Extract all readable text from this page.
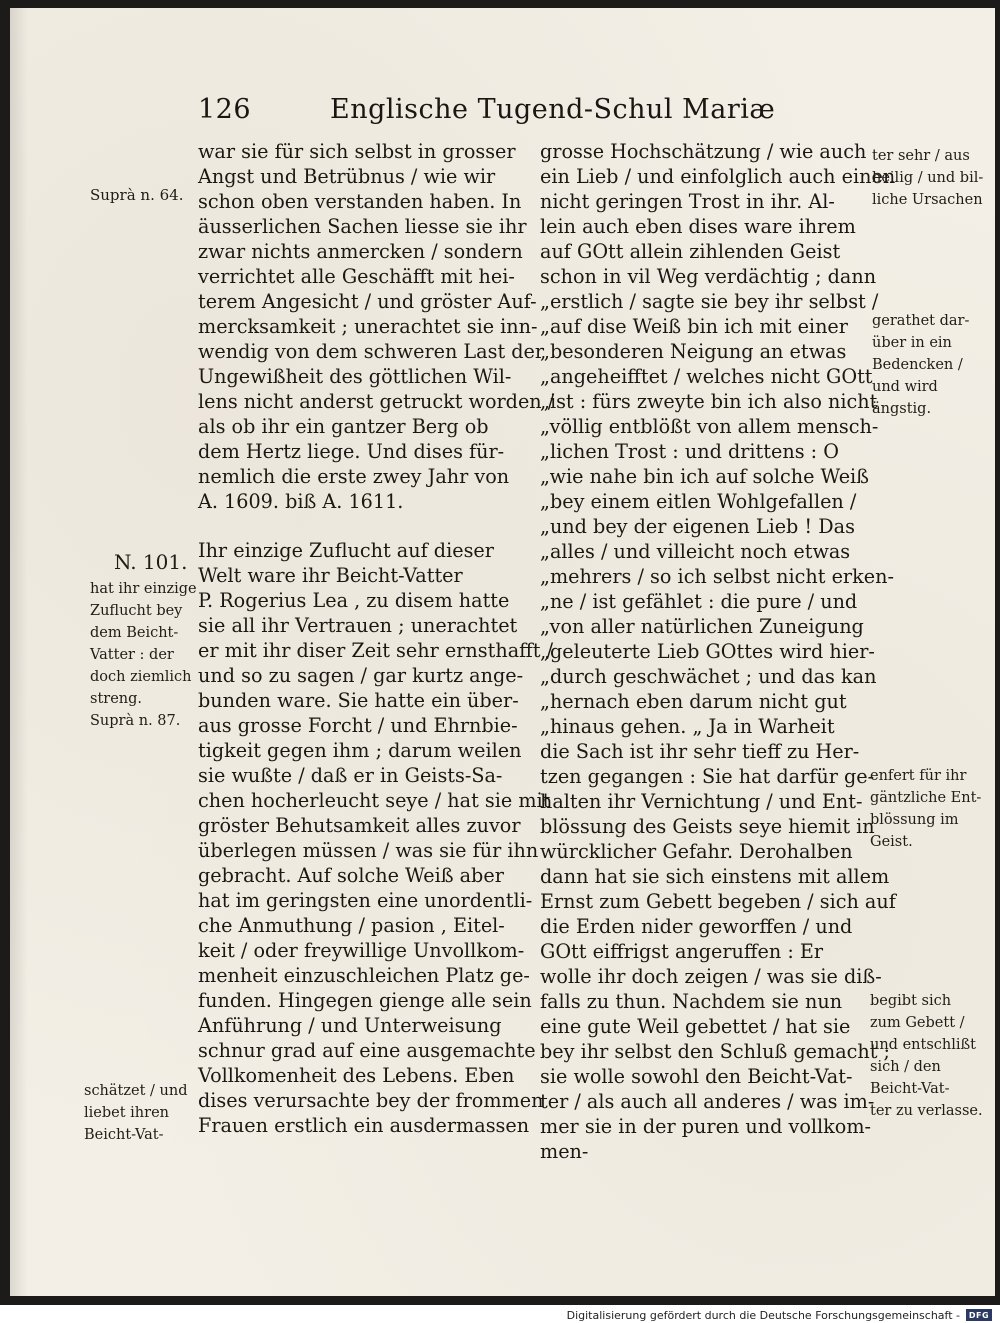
126	Englische Tugend-Schul Mariæ
war sie für sich selbst in grosser
Angst und Betrübnus / wie wir
schon oben verstanden haben. In
äusserlichen Sachen liesse sie ihr
zwar nichts anmercken / sondern
verrichtet alle Geschäfft mit hei-
terem Angesicht / und gröster Auf-
mercksamkeit ; unerachtet sie inn-
wendig von dem schweren Last der
Ungewißheit des göttlichen Wil-
lens nicht anderst getruckt worden /
als ob ihr ein gantzer Berg ob
dem Hertz liege. Und dises für-
nemlich die erste zwey Jahr von
A. 1609. biß A. 1611.
Ihr einzige Zuflucht auf dieser
Welt ware ihr Beicht-Vatter
P. Rogerius Lea , zu disem hatte
sie all ihr Vertrauen ; unerachtet
er mit ihr diser Zeit sehr ernsthafft /
und so zu sagen / gar kurtz ange-
bunden ware. Sie hatte ein über-
aus grosse Forcht / und Ehrnbie-
tigkeit gegen ihm ; darum weilen
sie wußte / daß er in Geists-Sa-
chen hocherleucht seye / hat sie mit
gröster Behutsamkeit alles zuvor
überlegen müssen / was sie für ihn
gebracht. Auf solche Weiß aber
hat im geringsten eine unordentli-
che Anmuthung / pasion , Eitel-
keit / oder freywillige Unvollkom-
menheit einzuschleichen Platz ge-
funden. Hingegen gienge alle sein
Anführung / und Unterweisung
schnur grad auf eine ausgemachte
Vollkomenheit des Lebens. Eben
dises verursachte bey der frommen
Frauen erstlich ein ausdermassen
grosse Hochschätzung / wie auch
ein Lieb / und einfolglich auch einen
nicht geringen Trost in ihr. Al-
lein auch eben dises ware ihrem
auf GOtt allein zihlenden Geist
schon in vil Weg verdächtig ; dann
„erstlich / sagte sie bey ihr selbst /
„auf dise Weiß bin ich mit einer
„besonderen Neigung an etwas
„angeheifftet / welches nicht GOtt
„ist : fürs zweyte bin ich also nicht
„völlig entblößt von allem mensch-
„lichen Trost : und drittens : O
„wie nahe bin ich auf solche Weiß
„bey einem eitlen Wohlgefallen /
„und bey der eigenen Lieb ! Das
„alles / und villeicht noch etwas
„mehrers / so ich selbst nicht erken-
„ne / ist gefählet : die pure / und
„von aller natürlichen Zuneigung
„geleuterte Lieb GOttes wird hier-
„durch geschwächet ; und das kan
„hernach eben darum nicht gut
„hinaus gehen. „ Ja in Warheit
die Sach ist ihr sehr tieff zu Her-
tzen gegangen : Sie hat darfür ge-
halten ihr Vernichtung / und Ent-
blössung des Geists seye hiemit in
würcklicher Gefahr. Derohalben
dann hat sie sich einstens mit allem
Ernst zum Gebett begeben / sich auf
die Erden nider geworffen / und
GOtt eiffrigst angeruffen : Er
wolle ihr doch zeigen / was sie diß-
falls zu thun. Nachdem sie nun
eine gute Weil gebettet / hat sie
bey ihr selbst den Schluß gemacht ;
sie wolle sowohl den Beicht-Vat-
ter / als auch all anderes / was im-
mer sie in der puren und vollkom-
men-
Suprà n. 64.
N. 101.
hat ihr einzige
Zuflucht bey
dem Beicht-
Vatter : der
doch ziemlich
streng.
Suprà n. 87.
schätzet / und
liebet ihren
Beicht-Vat-
ter sehr / aus
heilig / und bil-
liche Ursachen
gerathet dar-
über in ein
Bedencken /
und wird
ängstig.
enfert für ihr
gäntzliche Ent-
blössung im
Geist.
begibt sich
zum Gebett /
und entschlißt
sich / den
Beicht-Vat-
ter zu verlasse.
Digitalisierung gefördert durch die Deutsche Forschungsgemeinschaft -	DFG
